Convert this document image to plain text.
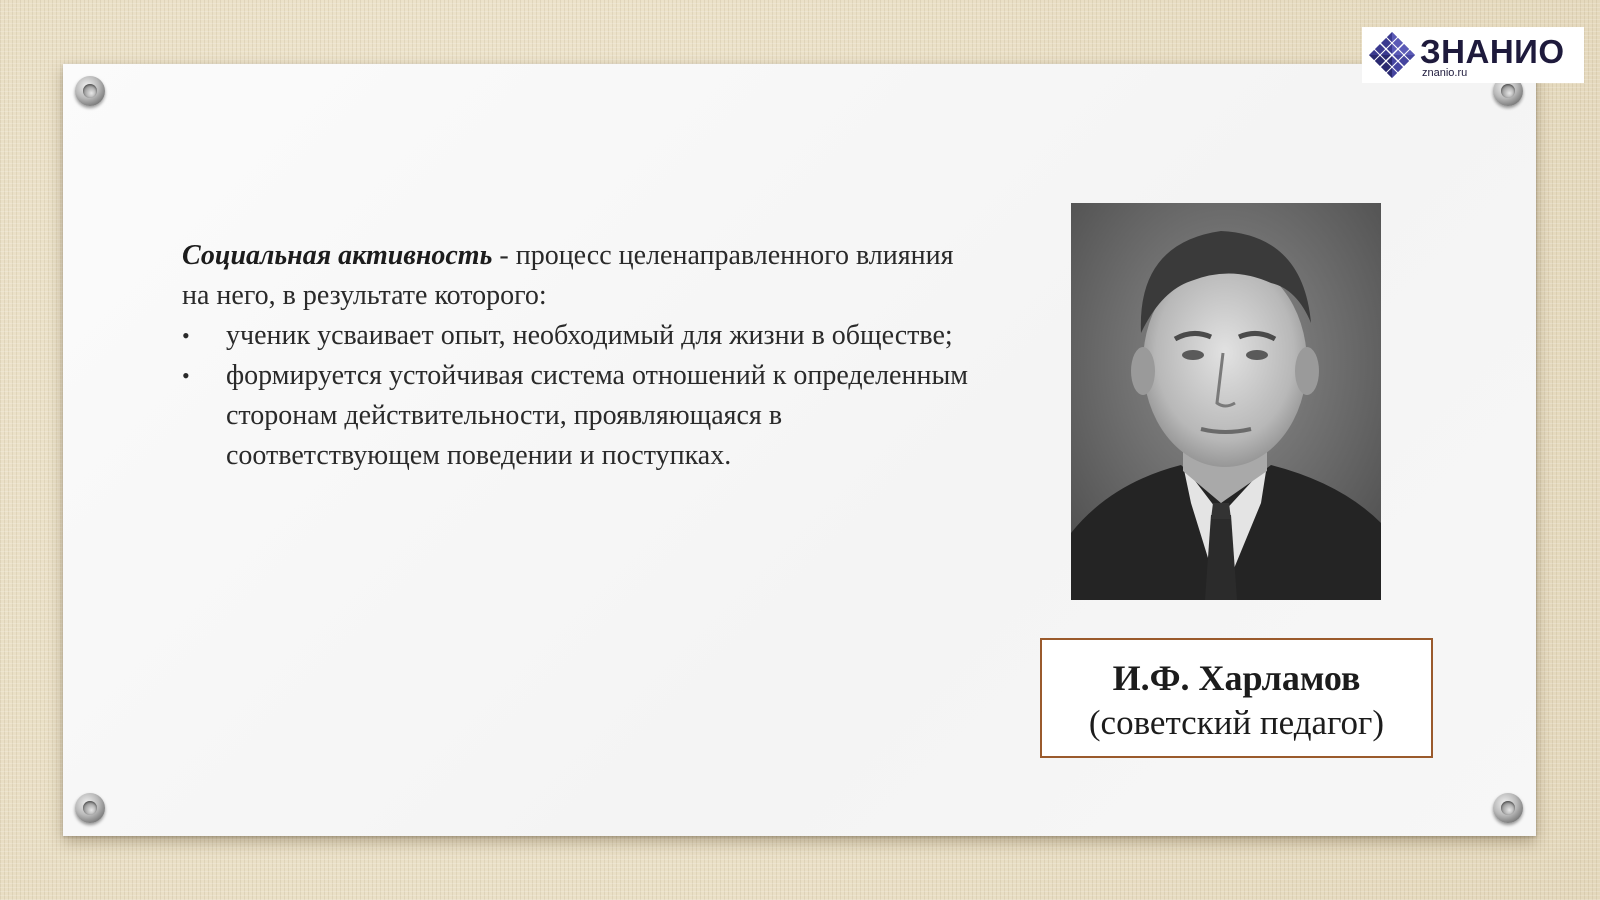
ЗНАНИО
znanio.ru

Социальная активность - процесс целенаправленного влияния на него, в результате которого:

• ученик усваивает опыт, необходимый для жизни в обществе;
• формируется устойчивая система отношений к определенным сторонам действительности, проявляющаяся в соответствующем поведении и поступках.
И.Ф. Харламов
(советский педагог)
